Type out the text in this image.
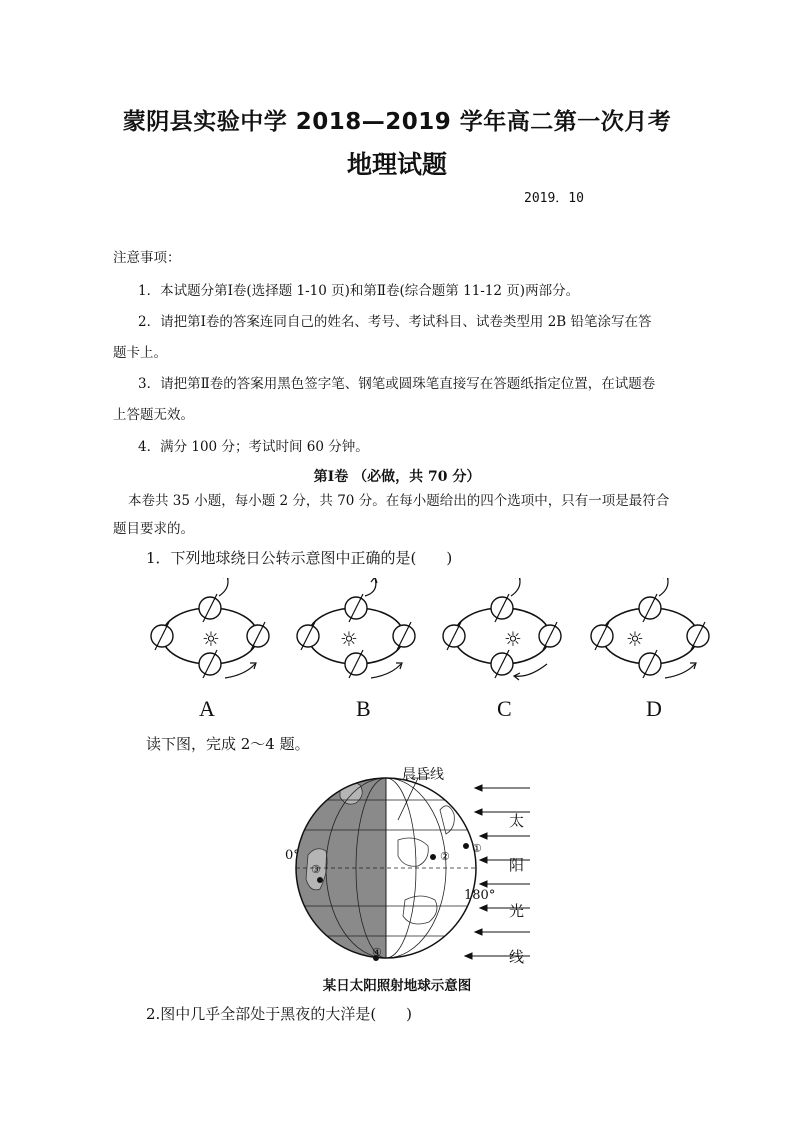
蒙阴县实验中学 2018—2019 学年高二第一次月考
地理试题
2019．10
注意事项：
1．本试题分第Ⅰ卷(选择题 1-10 页)和第Ⅱ卷(综合题第 11-12 页)两部分。
2．请把第Ⅰ卷的答案连同自己的姓名、考号、考试科目、试卷类型用 2B 铅笔涂写在答
题卡上。
3．请把第Ⅱ卷的答案用黑色签字笔、钢笔或圆珠笔直接写在答题纸指定位置，在试题卷
上答题无效。
4．满分 100 分；考试时间 60 分钟。
第Ⅰ卷 （必做，共 70 分）
本卷共 35 小题，每小题 2 分，共 70 分。在每小题给出的四个选项中，只有一项是最符合
题目要求的。
1．下列地球绕日公转示意图中正确的是(　　)
☼	☼	☼	☼
A	B	C	D
读下图，完成 2～4 题。
晨昏线
太
阳
光
线
0°
180°
①
②
③
④
某日太阳照射地球示意图
2.图中几乎全部处于黑夜的大洋是(　　)
